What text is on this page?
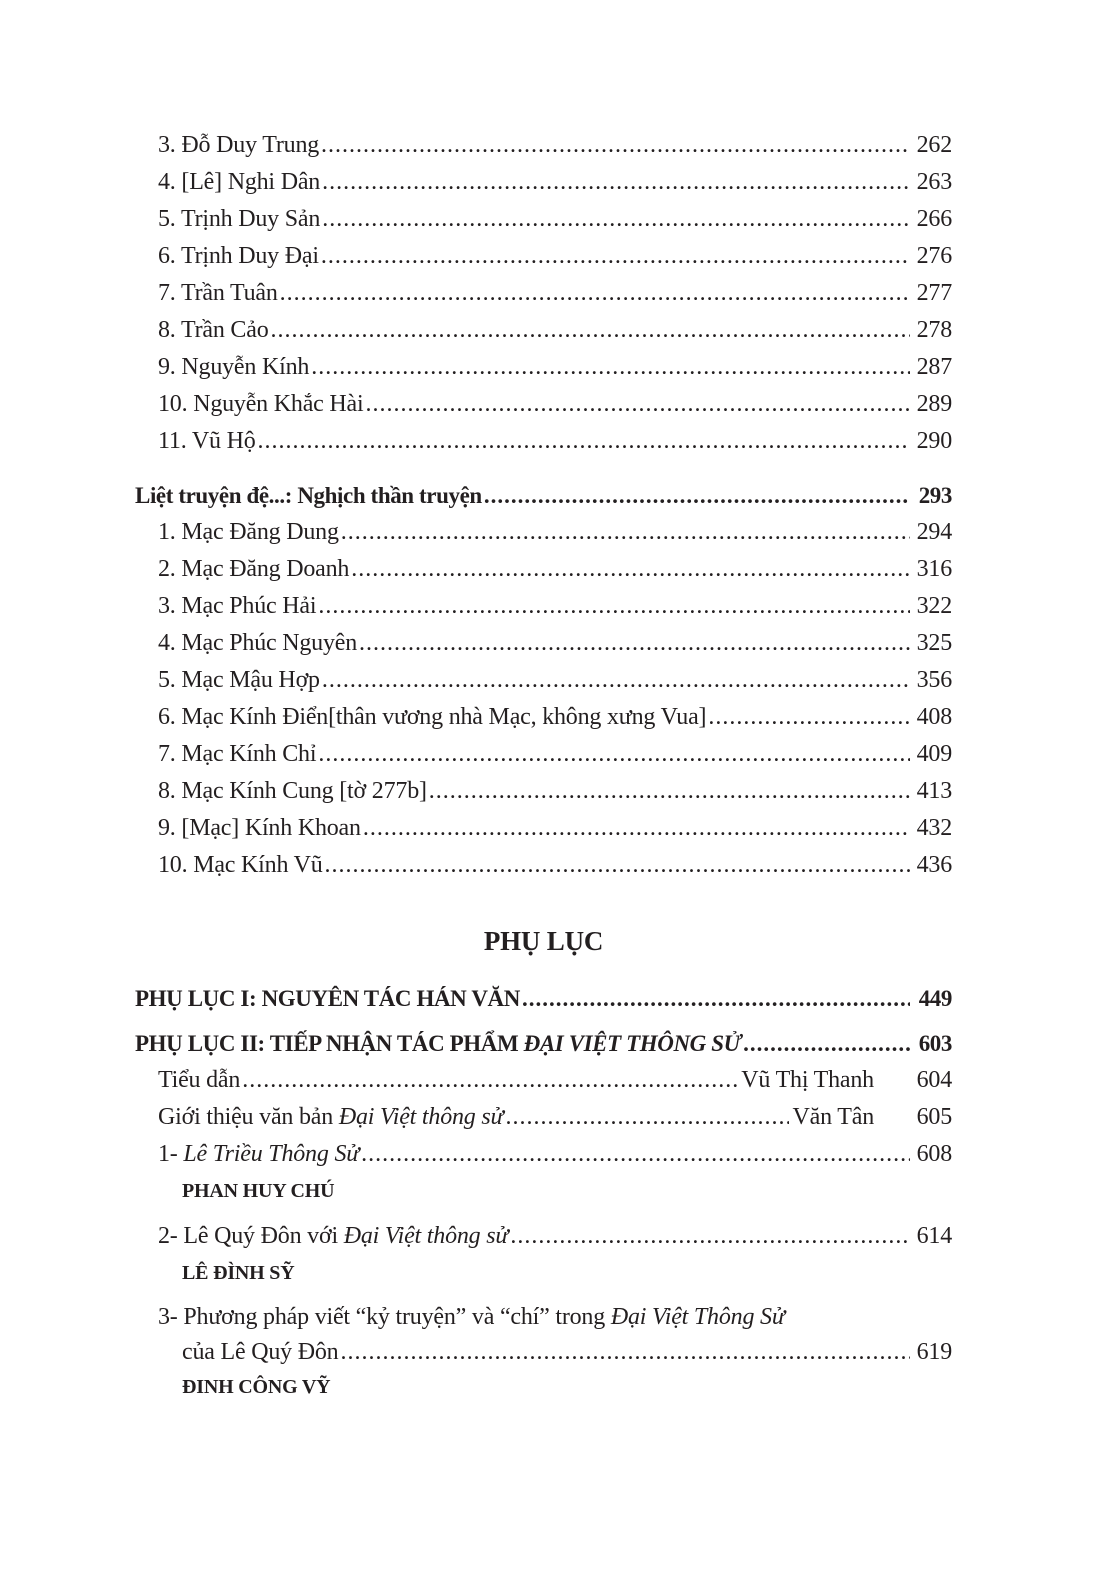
3. Đỗ Duy Trung .....	262
4. [Lê] Nghi Dân .....	263
5. Trịnh Duy Sản .....	266
6. Trịnh Duy Đại .....	276
7. Trần Tuân .....	277
8. Trần Cảo .....	278
9. Nguyễn Kính .....	287
10. Nguyễn Khắc Hài .....	289
11. Vũ Hộ .....	290
Liệt truyện đệ...: Nghịch thần truyện .....	293
1. Mạc Đăng Dung .....	294
2. Mạc Đăng Doanh .....	316
3. Mạc Phúc Hải .....	322
4. Mạc Phúc Nguyên .....	325
5. Mạc Mậu Hợp .....	356
6. Mạc Kính Điển[thân vương nhà Mạc, không xưng Vua] .....	408
7. Mạc Kính Chỉ .....	409
8. Mạc Kính Cung [tờ 277b] .....	413
9. [Mạc] Kính Khoan .....	432
10. Mạc Kính Vũ .....	436
PHỤ LỤC
PHỤ LỤC I: NGUYÊN TÁC HÁN VĂN .....	449
PHỤ LỤC II: TIẾP NHẬN TÁC PHẨM ĐẠI VIỆT THÔNG SỬ .....	603
Tiểu dẫn .....	Vũ Thị Thanh 604
Giới thiệu văn bản Đại Việt thông sử .....	Văn Tân 605
1- Lê Triều Thông Sử .....	608
PHAN HUY CHÚ
2- Lê Quý Đôn với Đại Việt thông sử .....	614
LÊ ĐÌNH SỸ
3- Phương pháp viết “kỷ truyện” và “chí” trong Đại Việt Thông Sử
của Lê Quý Đôn .....	619
ĐINH CÔNG VỸ
